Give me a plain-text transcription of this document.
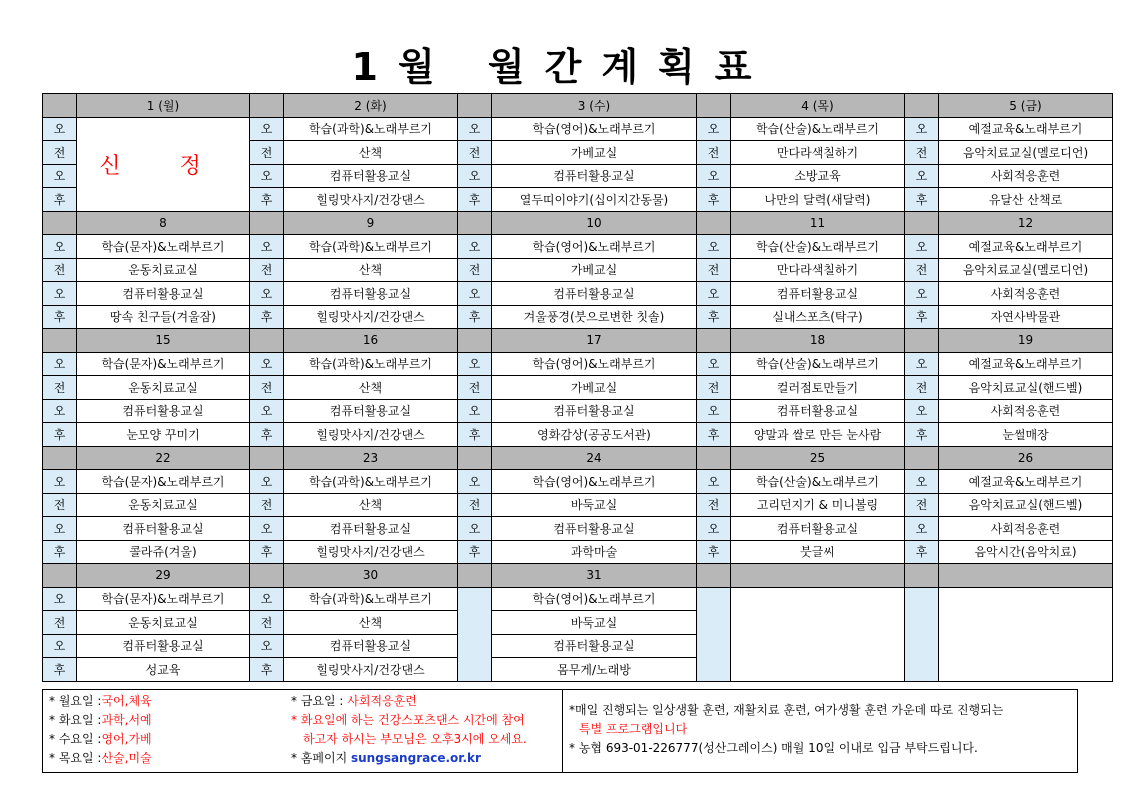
1월 월간계획표
	1 (월)		2 (화)		3 (수)		4 (목)		5 (금)
오	신 정	오	학습(과학)&노래부르기	오	학습(영어)&노래부르기	오	학습(산술)&노래부르기	오	예절교육&노래부르기
전		전	산책	전	가베교실	전	만다라색칠하기	전	음악치료교실(멜로디언)
오		오	컴퓨터활용교실	오	컴퓨터활용교실	오	소방교육	오	사회적응훈련
후		후	힐링맛사지/건강댄스	후	열두띠이야기(십이지간동물)	후	나만의 달력(새달력)	후	유달산 산책로
	8		9		10		11		12
오	학습(문자)&노래부르기	오	학습(과학)&노래부르기	오	학습(영어)&노래부르기	오	학습(산술)&노래부르기	오	예절교육&노래부르기
전	운동치료교실	전	산책	전	가베교실	전	만다라색칠하기	전	음악치료교실(멜로디언)
오	컴퓨터활용교실	오	컴퓨터활용교실	오	컴퓨터활용교실	오	컴퓨터활용교실	오	사회적응훈련
후	땅속 친구들(겨울잠)	후	힐링맛사지/건강댄스	후	겨울풍경(붓으로변한 칫솔)	후	실내스포츠(탁구)	후	자연사박물관
	15		16		17		18		19
오	학습(문자)&노래부르기	오	학습(과학)&노래부르기	오	학습(영어)&노래부르기	오	학습(산술)&노래부르기	오	예절교육&노래부르기
전	운동치료교실	전	산책	전	가베교실	전	컬러점토만들기	전	음악치료교실(핸드벨)
오	컴퓨터활용교실	오	컴퓨터활용교실	오	컴퓨터활용교실	오	컴퓨터활용교실	오	사회적응훈련
후	눈모양 꾸미기	후	힐링맛사지/건강댄스	후	영화감상(공공도서관)	후	양말과 쌀로 만든 눈사람	후	눈썰매장
	22		23		24		25		26
오	학습(문자)&노래부르기	오	학습(과학)&노래부르기	오	학습(영어)&노래부르기	오	학습(산술)&노래부르기	오	예절교육&노래부르기
전	운동치료교실	전	산책	전	바둑교실	전	고리던지기 & 미니볼링	전	음악치료교실(핸드벨)
오	컴퓨터활용교실	오	컴퓨터활용교실	오	컴퓨터활용교실	오	컴퓨터활용교실	오	사회적응훈련
후	콜라쥬(겨울)	후	힐링맛사지/건강댄스	후	과학마술	후	붓글씨	후	음악시간(음악치료)
	29		30		31				
오	학습(문자)&노래부르기	오	학습(과학)&노래부르기		학습(영어)&노래부르기				
전	운동치료교실	전	산책		바둑교실				
오	컴퓨터활용교실	오	컴퓨터활용교실		컴퓨터활용교실				
후	성교육	후	힐링맛사지/건강댄스		몸무게/노래방				
* 월요일 :국어,체육
* 화요일 :과학,서예
* 수요일 :영어,가베
* 목요일 :산술,미술
* 금요일 : 사회적응훈련
* 화요일에 하는 건강스포츠댄스 시간에 참여
하고자 하시는 부모님은 오후3시에 오세요.
* 홈페이지 sungsangrace.or.kr
*매일 진행되는 일상생활 훈련, 재활치료 훈련, 여가생활 훈련 가운데 따로 진행되는
특별 프로그램입니다
* 농협 693-01-226777(성산그레이스) 매월 10일 이내로 입금 부탁드립니다.
